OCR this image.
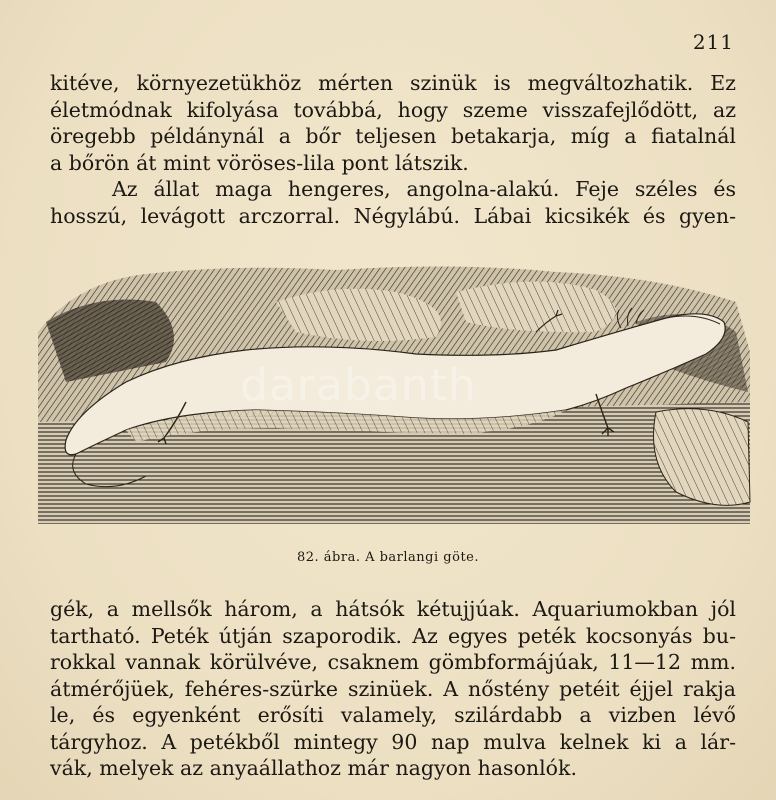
211
kitéve, környezetükhöz mérten szinük is megváltozhatik. Ez
életmódnak kifolyása továbbá, hogy szeme visszafejlődött, az
öregebb példánynál a bőr teljesen betakarja, míg a fiatalnál
a bőrön át mint vöröses-lila pont látszik.
Az állat maga hengeres, angolna-alakú. Feje széles és
hosszú, levágott arczorral. Négylábú. Lábai kicsikék és gyen-
darabanth
82. ábra. A barlangi göte.
gék, a mellsők három, a hátsók kétujjúak. Aquariumokban jól
tartható. Peték útján szaporodik. Az egyes peték kocsonyás bu-
rokkal vannak körülvéve, csaknem gömbformájúak, 11—12 mm.
átmérőjüek, fehéres-szürke szinüek. A nőstény petéit éjjel rakja
le, és egyenként erősíti valamely, szilárdabb a vizben lévő
tárgyhoz. A petékből mintegy 90 nap mulva kelnek ki a lár-
vák, melyek az anyaállathoz már nagyon hasonlók.
